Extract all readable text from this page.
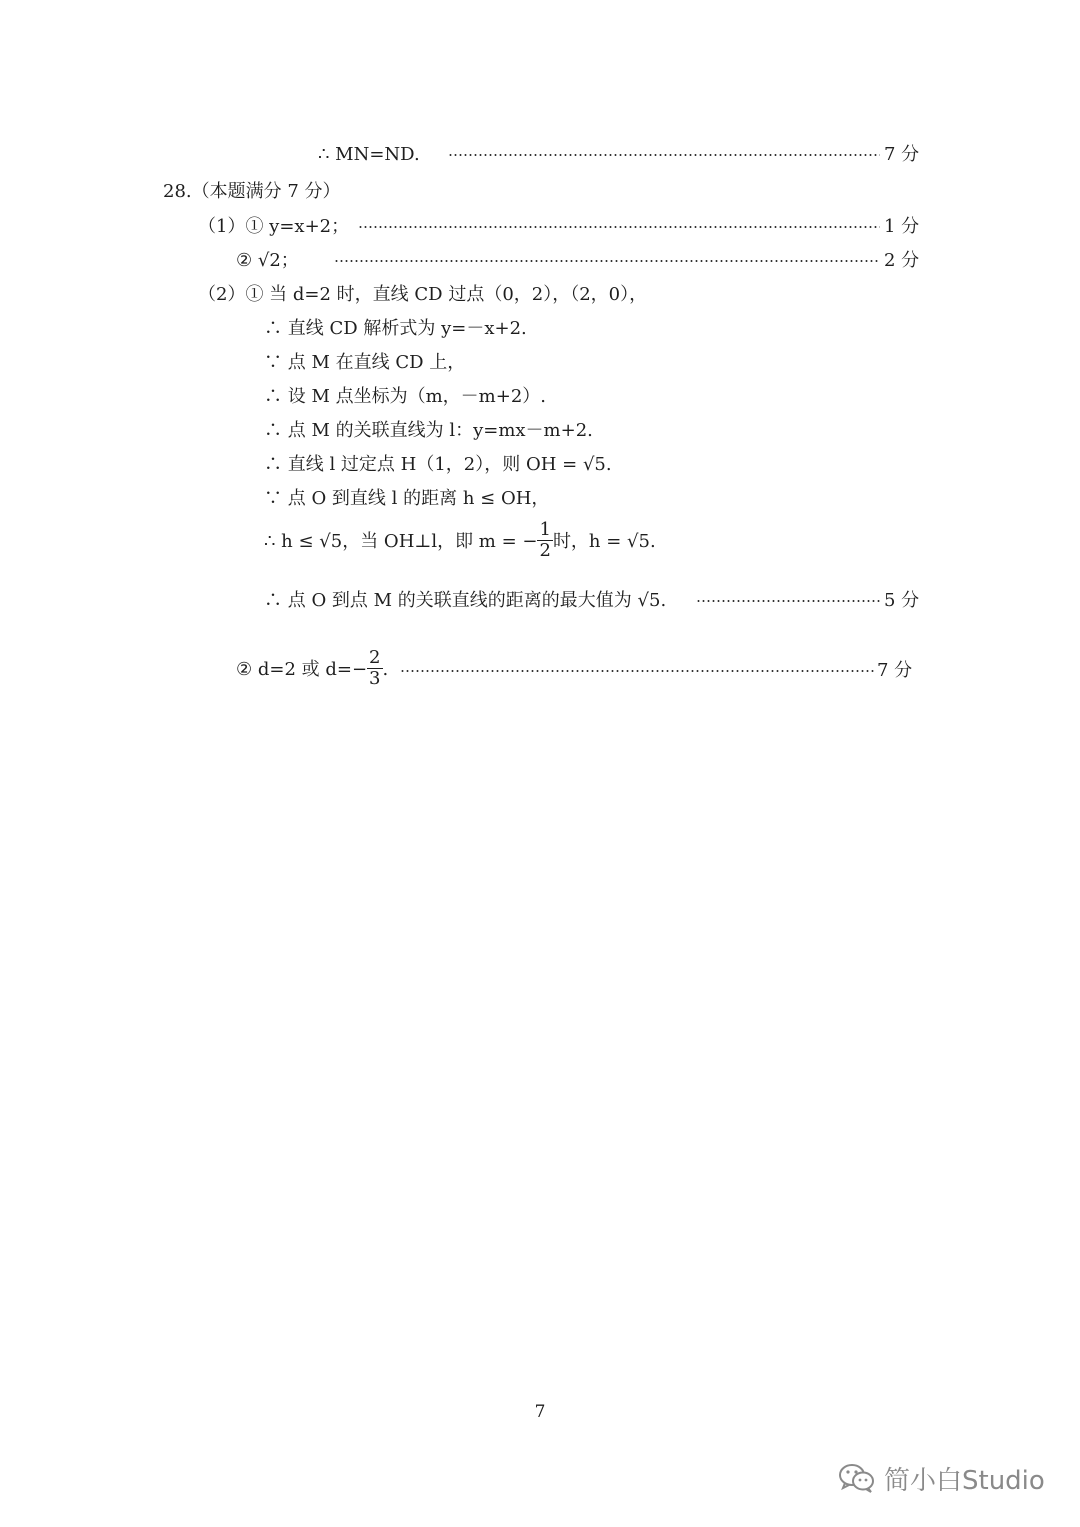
∴ MN=ND.	7 分
28.（本题满分 7 分）
（1）① y=x+2；	1 分
② √2；	2 分
（2）① 当 d=2 时，直线 CD 过点（0，2），（2，0），
∴ 直线 CD 解析式为 y=－x+2.
∵ 点 M 在直线 CD 上，
∴ 设 M 点坐标为（m，－m+2）.
∴ 点 M 的关联直线为 l：y=mx－m+2.
∴ 直线 l 过定点 H（1，2），则 OH = √5.
∵ 点 O 到直线 l 的距离 h ≤ OH，
∴ h ≤ √5，当 OH⊥l，即 m = − $\frac{1}{2}$ 时，h = √5.
∴ 点 O 到点 M 的关联直线的距离的最大值为 √5.	5 分
② d=2 或 $d=- \frac{2}{3}$ .	7 分
7
简小白Studio
